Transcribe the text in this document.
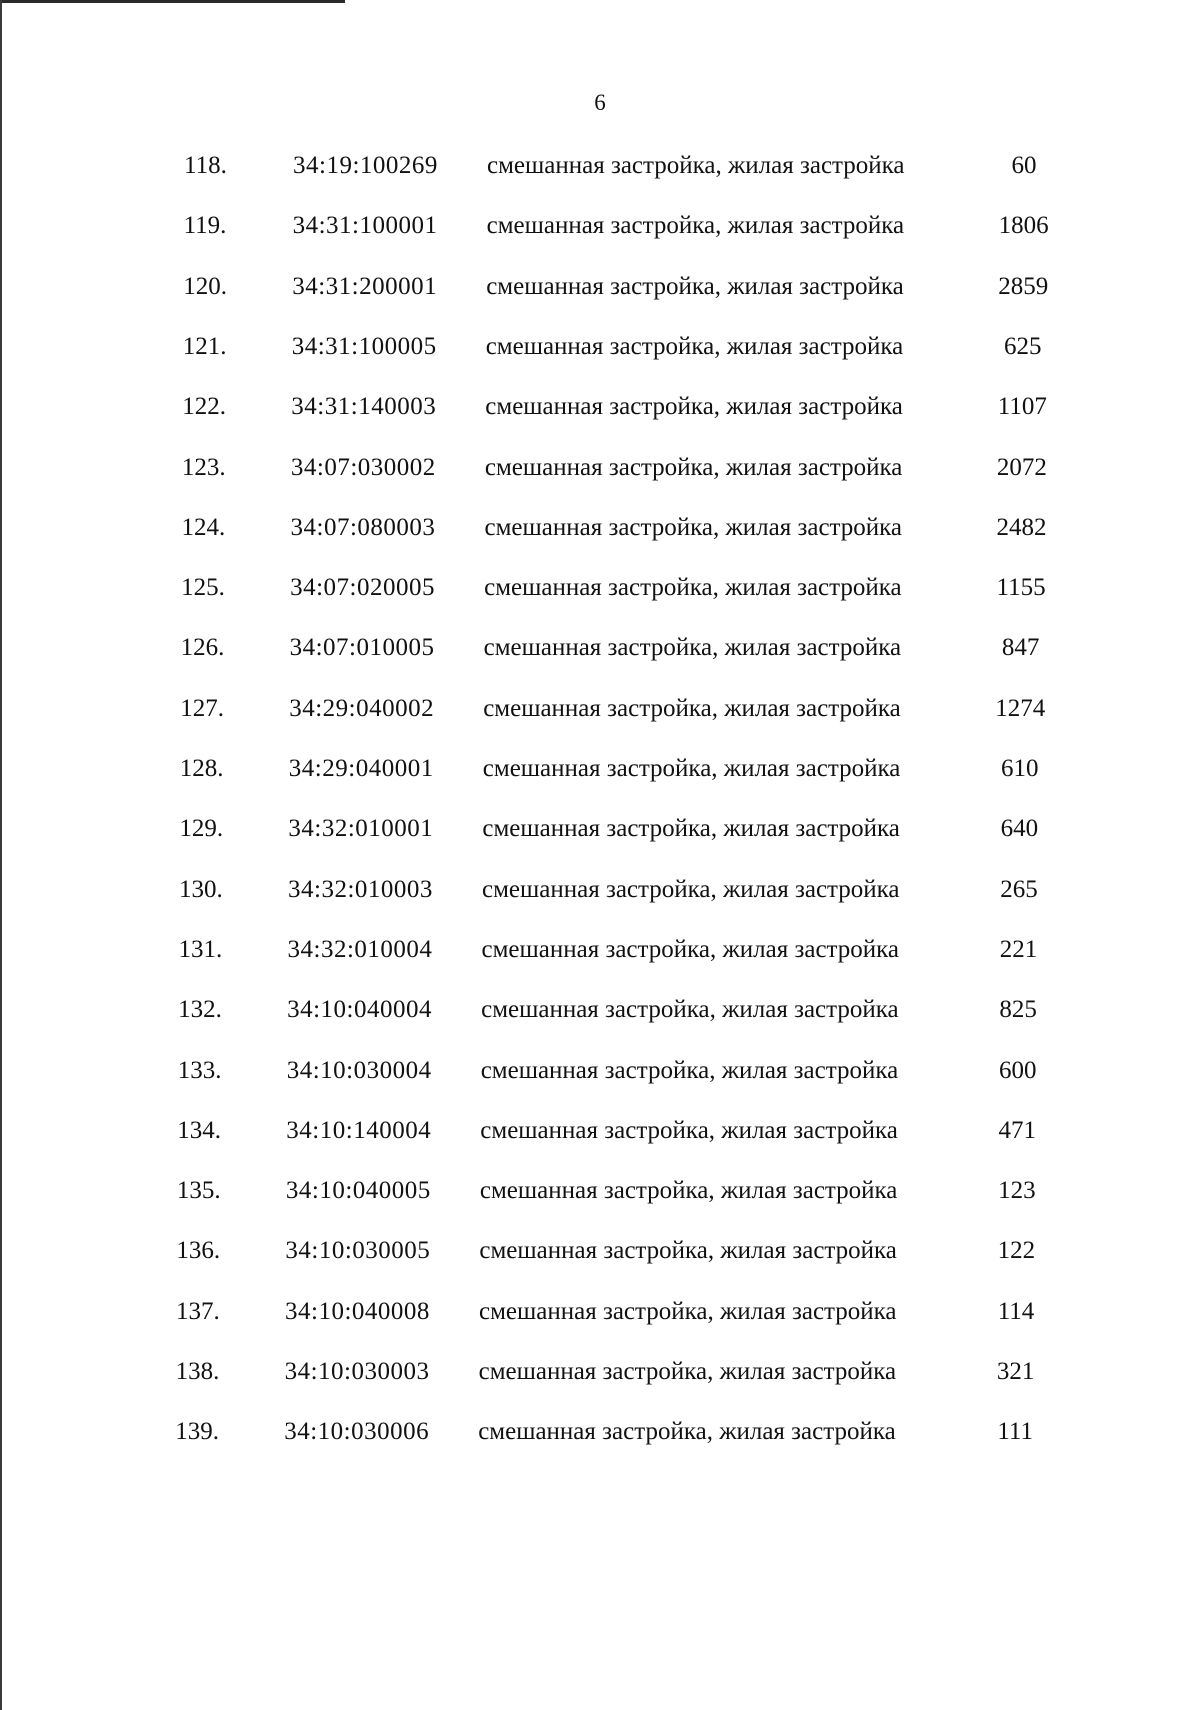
6
118.	34:19:100269 смешанная застройка, жилая застройка	60
119.	34:31:100001 смешанная застройка, жилая застройка	1806
120.	34:31:200001 смешанная застройка, жилая застройка	2859
121.	34:31:100005 смешанная застройка, жилая застройка	625
122.	34:31:140003 смешанная застройка, жилая застройка	1107
123.	34:07:030002 смешанная застройка, жилая застройка	2072
124.	34:07:080003 смешанная застройка, жилая застройка	2482
125.	34:07:020005 смешанная застройка, жилая застройка	1155
126.	34:07:010005 смешанная застройка, жилая застройка	847
127.	34:29:040002 смешанная застройка, жилая застройка	1274
128.	34:29:040001 смешанная застройка, жилая застройка	610
129.	34:32:010001 смешанная застройка, жилая застройка	640
130.	34:32:010003 смешанная застройка, жилая застройка	265
131.	34:32:010004 смешанная застройка, жилая застройка	221
132.	34:10:040004 смешанная застройка, жилая застройка	825
133.	34:10:030004 смешанная застройка, жилая застройка	600
134.	34:10:140004 смешанная застройка, жилая застройка	471
135.	34:10:040005 смешанная застройка, жилая застройка	123
136.	34:10:030005 смешанная застройка, жилая застройка	122
137.	34:10:040008 смешанная застройка, жилая застройка	114
138.	34:10:030003 смешанная застройка, жилая застройка	321
139.	34:10:030006 смешанная застройка, жилая застройка	111
